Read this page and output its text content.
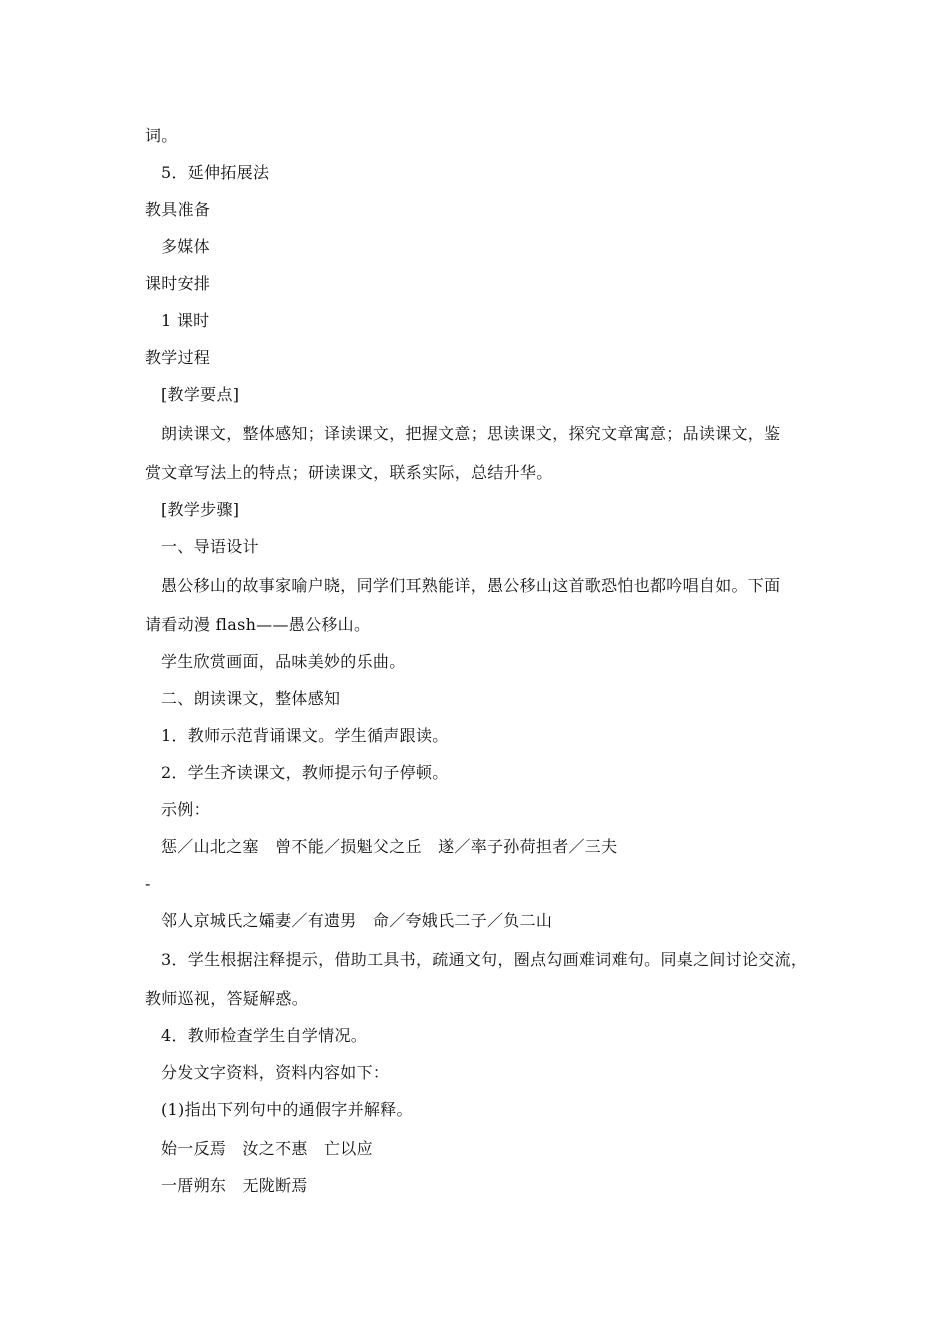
词。
5．延伸拓展法
教具准备
多媒体
课时安排
1 课时
教学过程
[教学要点]
朗读课文，整体感知；译读课文，把握文意；思读课文，探究文章寓意；品读课文，鉴
赏文章写法上的特点；研读课文，联系实际，总结升华。
[教学步骤]
一、导语设计
愚公移山的故事家喻户晓，同学们耳熟能详，愚公移山这首歌恐怕也都吟唱自如。下面
请看动漫 flash——愚公移山。
学生欣赏画面，品味美妙的乐曲。
二、朗读课文，整体感知
1．教师示范背诵课文。学生循声跟读。
2．学生齐读课文，教师提示句子停顿。
示例：
惩／山北之塞　曾不能／损魁父之丘　遂／率子孙荷担者／三夫
-
邻人京城氏之孀妻／有遗男　命／夸娥氏二子／负二山
3．学生根据注释提示，借助工具书，疏通文句，圈点勾画难词难句。同桌之间讨论交流，
教师巡视，答疑解惑。
4．教师检查学生自学情况。
分发文字资料，资料内容如下：
(1)指出下列句中的通假字并解释。
始一反焉　汝之不惠　亡以应
一厝朔东　无陇断焉
